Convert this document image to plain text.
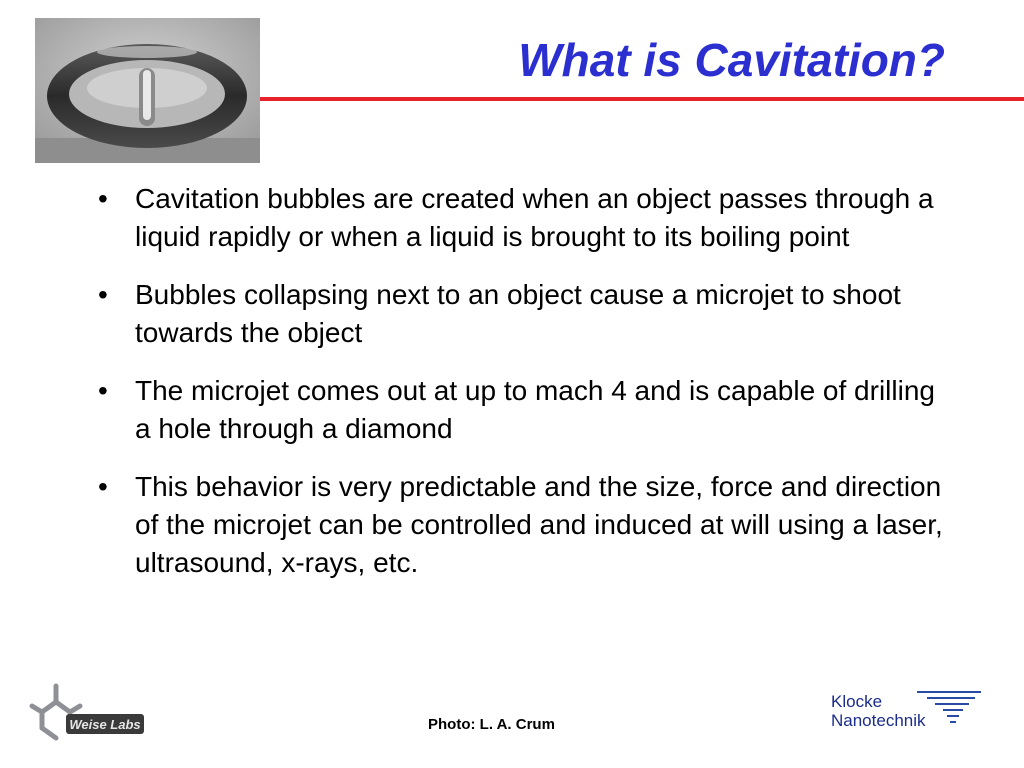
What is Cavitation?
• Cavitation bubbles are created when an object passes through a liquid rapidly or when a liquid is brought to its boiling point
• Bubbles collapsing next to an object cause a microjet to shoot towards the object
• The microjet comes out at up to mach 4 and is capable of drilling a hole through a diamond
• This behavior is very predictable and the size, force and direction of the microjet can be controlled and induced at will using a laser, ultrasound, x-rays, etc.
Weise Labs	Photo: L. A. Crum
Klocke
Nanotechnik
